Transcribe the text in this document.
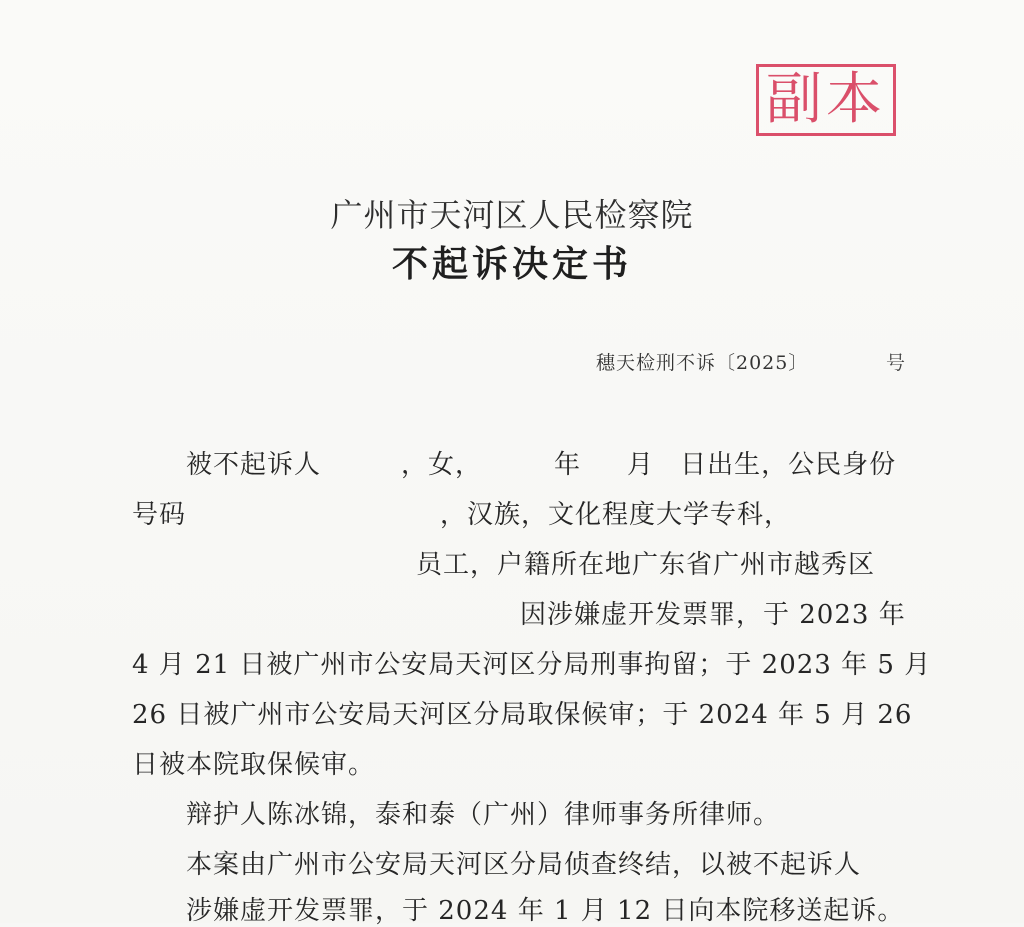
副本
广州市天河区人民检察院
不起诉决定书
穗天检刑不诉〔2025〕	号
被不起诉人	，女，	年 月 日出生，公民身份
号码	，汉族，文化程度大学专科，
员工，户籍所在地广东省广州市越秀区
因涉嫌虚开发票罪，于 2023 年
4 月 21 日被广州市公安局天河区分局刑事拘留；于 2023 年 5 月
26 日被广州市公安局天河区分局取保候审；于 2024 年 5 月 26
日被本院取保候审。
辩护人陈冰锦，泰和泰（广州）律师事务所律师。
本案由广州市公安局天河区分局侦查终结，以被不起诉人
涉嫌虚开发票罪，于 2024 年 1 月 12 日向本院移送起诉。
